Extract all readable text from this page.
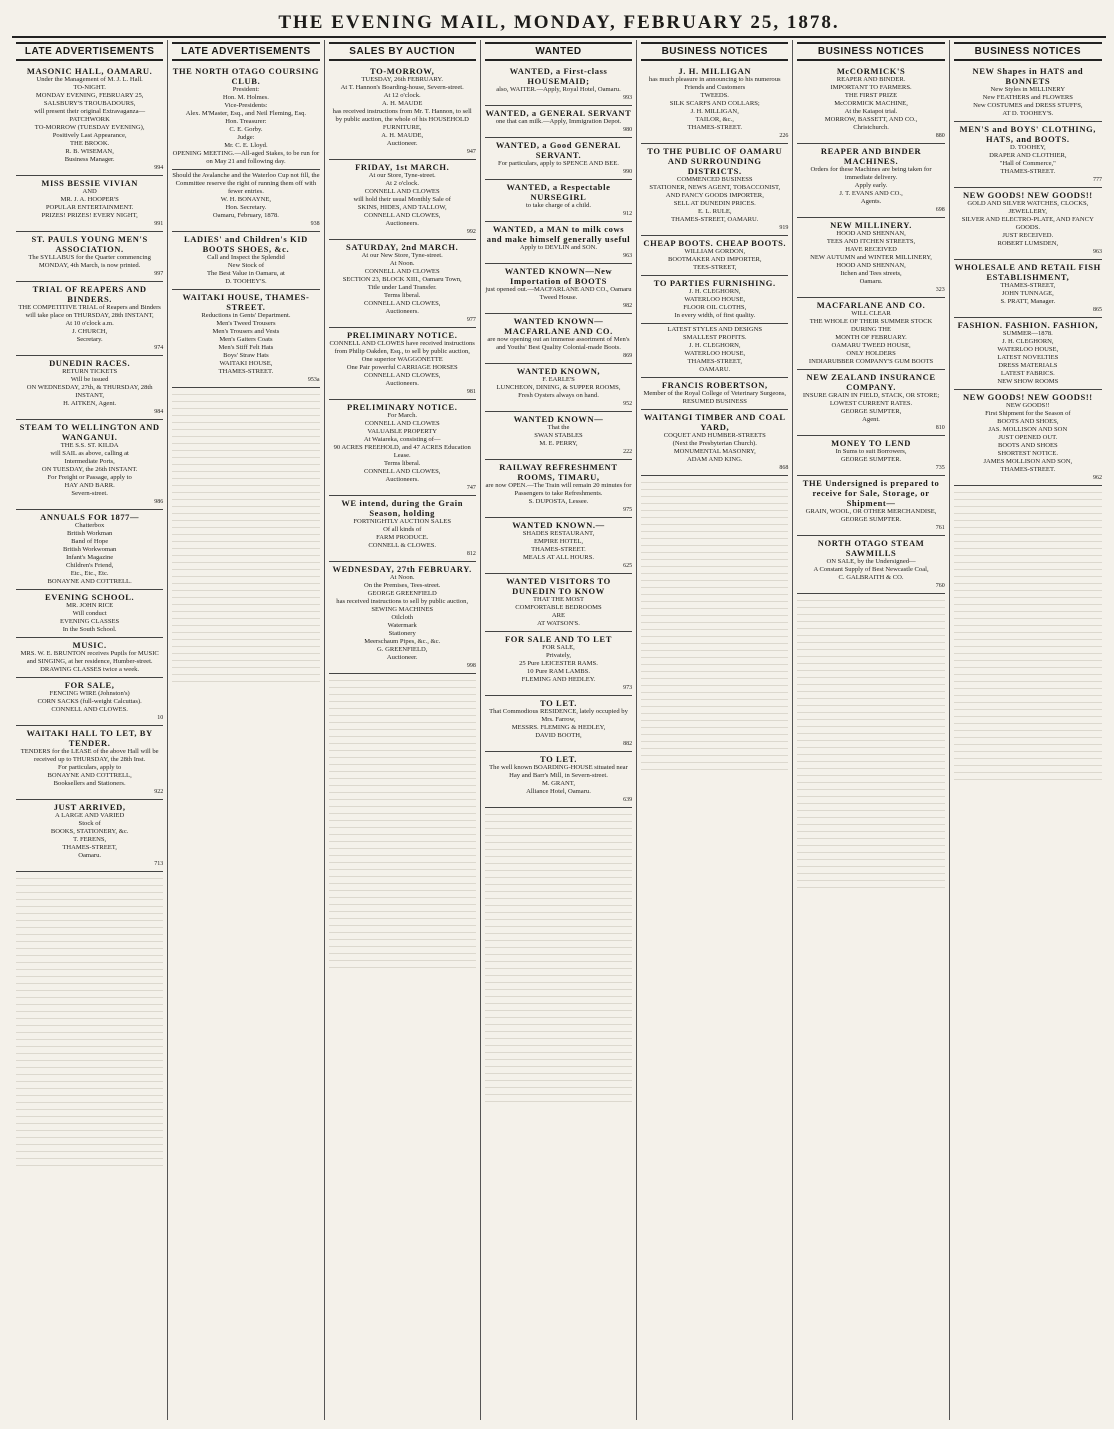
THE EVENING MAIL, MONDAY, FEBRUARY 25, 1878.
LATE ADVERTISEMENTS
MASONIC HALL, OAMARU.
Under the Management of M. J. L. Hall.
TO-NIGHT.
MONDAY EVENING, FEBRUARY 25,
SALSBURY'S TROUBADOURS,
will present their original Extravaganza—
PATCHWORK
TO-MORROW (TUESDAY EVENING),
Positively Last Appearance,
THE BROOK.
R. B. WISEMAN,
Business Manager.
994
MISS BESSIE VIVIAN
AND
MR. J. A. HOOPER'S
POPULAR ENTERTAINMENT.
PRIZES! PRIZES! EVERY NIGHT,
991
ST. PAULS YOUNG MEN'S ASSOCIATION.
The SYLLABUS for the Quarter commencing MONDAY, 4th March, is now printed.
997
TRIAL OF REAPERS AND BINDERS.
THE COMPETITIVE TRIAL of Reapers and Binders will take place on THURSDAY, 28th INSTANT,
At 10 o'clock a.m.
J. CHURCH,
Secretary.
974
DUNEDIN RACES.
RETURN TICKETS
Will be issued
ON WEDNESDAY, 27th, & THURSDAY, 28th INSTANT,
H. AITKEN, Agent.
984
STEAM TO WELLINGTON AND WANGANUI.
THE S.S. ST. KILDA
will SAIL as above, calling at
Intermediate Ports,
ON TUESDAY, the 26th INSTANT.
For Freight or Passage, apply to
HAY AND BARR.
Severn-street.
986
ANNUALS FOR 1877—
Chatterbox
British Workman
Band of Hope
British Workwoman
Infant's Magazine
Children's Friend,
Etc., Etc., Etc.
BONAYNE AND COTTRELL.
EVENING SCHOOL.
MR. JOHN RICE
Will conduct
EVENING CLASSES
In the South School.
MUSIC.
MRS. W. E. BRUNTON receives Pupils for MUSIC and SINGING, at her residence, Humber-street.
DRAWING CLASSES twice a week.
FOR SALE,
FENCING WIRE (Johnston's)
CORN SACKS (full-weight Calcuttas).
CONNELL AND CLOWES.
10
WAITAKI HALL TO LET, BY TENDER.
TENDERS for the LEASE of the above Hall will be received up to THURSDAY, the 28th Inst.
For particulars, apply to
BONAYNE AND COTTRELL,
Booksellers and Stationers.
922
JUST ARRIVED,
A LARGE AND VARIED
Stock of
BOOKS, STATIONERY, &c.
T. FERENS,
THAMES-STREET,
Oamaru.
713
LATE ADVERTISEMENTS
THE NORTH OTAGO COURSING CLUB.
President:
Hon. M. Holmes.
Vice-Presidents:
Alex. M'Master, Esq., and Neil Fleming, Esq.
Hon. Treasurer:
C. E. Gorby.
Judge:
Mr. C. E. Lloyd.
OPENING MEETING.—All-aged Stakes, to be run for on May 21 and following day.
Should the Avalanche and the Waterloo Cup not fill, the Committee reserve the right of running them off with fewer entries.
W. H. BONAYNE,
Hon. Secretary.
Oamaru, February, 1878.
938
LADIES' and Children's KID BOOTS SHOES, &c.
Call and Inspect the Splendid
New Stock of
The Best Value in Oamaru, at
D. TOOHEY'S.
WAITAKI HOUSE, THAMES-STREET.
Reductions in Gents' Department.
Men's Tweed Trousers
Men's Trousers and Vests
Men's Gaiters Coats
Men's Stiff Felt Hats
Boys' Straw Hats
WAITAKI HOUSE,
THAMES-STREET.
953a
SALES BY AUCTION
TO-MORROW,
TUESDAY, 26th FEBRUARY.
At T. Hannon's Boarding-house, Severn-street.
At 12 o'clock.
A. H. MAUDE
has received instructions from Mr. T. Hannon, to sell by public auction, the whole of his HOUSEHOLD FURNITURE,
A. H. MAUDE,
Auctioneer.
947
FRIDAY, 1st MARCH.
At our Store, Tyne-street.
At 2 o'clock.
CONNELL AND CLOWES
will hold their usual Monthly Sale of
SKINS, HIDES, AND TALLOW,
CONNELL AND CLOWES,
Auctioneers.
992
SATURDAY, 2nd MARCH.
At our New Store, Tyne-street.
At Noon.
CONNELL AND CLOWES
SECTION 23, BLOCK XIII., Oamaru Town,
Title under Land Transfer.
Terms liberal.
CONNELL AND CLOWES,
Auctioneers.
977
PRELIMINARY NOTICE.
CONNELL AND CLOWES have received instructions from Philip Oakden, Esq., to sell by public auction,
One superior WAGGONETTE
One Pair powerful CARRIAGE HORSES
CONNELL AND CLOWES,
Auctioneers.
981
PRELIMINARY NOTICE.
For March.
CONNELL AND CLOWES
VALUABLE PROPERTY
At Waiareka, consisting of—
90 ACRES FREEHOLD, and 47 ACRES Education Lease.
Terms liberal.
CONNELL AND CLOWES,
Auctioneers.
747
WE intend, during the Grain Season, holding
FORTNIGHTLY AUCTION SALES
Of all kinds of
FARM PRODUCE.
CONNELL & CLOWES.
812
WEDNESDAY, 27th FEBRUARY.
At Noon.
On the Premises, Tees-street.
GEORGE GREENFIELD
has received instructions to sell by public auction,
SEWING MACHINES
Oilcloth
Watermark
Stationery
Meerschaum Pipes, &c., &c.
G. GREENFIELD,
Auctioneer.
998
WANTED
WANTED, a First-class HOUSEMAID;
also, WAITER.—Apply, Royal Hotel, Oamaru.
993
WANTED, a GENERAL SERVANT
one that can milk.—Apply, Immigration Depot.
980
WANTED, a Good GENERAL SERVANT.
For particulars, apply to SPENCE AND BEE.
990
WANTED, a Respectable NURSEGIRL
to take charge of a child.
912
WANTED, a MAN to milk cows and make himself generally useful
Apply to DEVLIN and SON.
963
WANTED KNOWN—New Importation of BOOTS
just opened out.—MACFARLANE AND CO., Oamaru Tweed House.
982
WANTED KNOWN—MACFARLANE AND CO.
are now opening out an immense assortment of Men's and Youths' Best Quality Colonial-made Boots.
869
WANTED KNOWN,
F. EARLE'S
LUNCHEON, DINING, & SUPPER ROOMS,
Fresh Oysters always on hand.
952
WANTED KNOWN—
That the
SWAN STABLES
M. E. PERRY,
222
RAILWAY REFRESHMENT ROOMS, TIMARU,
are now OPEN.—The Train will remain 20 minutes for Passengers to take Refreshments.
S. DUPOSTA, Lessee.
975
WANTED KNOWN.—
SHADES RESTAURANT,
EMPIRE HOTEL,
THAMES-STREET.
MEALS AT ALL HOURS.
625
WANTED VISITORS TO DUNEDIN TO KNOW
THAT THE MOST
COMFORTABLE BEDROOMS
ARE
AT WATSON'S.
FOR SALE AND TO LET
FOR SALE,
Privately,
25 Pure LEICESTER RAMS.
10 Pure RAM LAMBS.
FLEMING AND HEDLEY.
973
TO LET.
That Commodious RESIDENCE, lately occupied by Mrs. Farrow,
MESSRS. FLEMING & HEDLEY,
DAVID BOOTH,
882
TO LET.
The well known BOARDING-HOUSE situated near Hay and Barr's Mill, in Severn-street.
M. GRANT,
Alliance Hotel, Oamaru.
639
BUSINESS NOTICES
J. H. MILLIGAN
has much pleasure in announcing to his numerous Friends and Customers
TWEEDS.
SILK SCARFS AND COLLARS;
J. H. MILLIGAN,
TAILOR, &c.,
THAMES-STREET.
226
TO THE PUBLIC OF OAMARU AND SURROUNDING DISTRICTS.
COMMENCED BUSINESS
STATIONER, NEWS AGENT, TOBACCONIST,
AND FANCY GOODS IMPORTER,
SELL AT DUNEDIN PRICES.
E. L. RULE,
THAMES-STREET, OAMARU.
919
CHEAP BOOTS. CHEAP BOOTS.
WILLIAM GORDON,
BOOTMAKER AND IMPORTER,
TEES-STREET,
TO PARTIES FURNISHING.
J. H. CLEGHORN,
WATERLOO HOUSE,
FLOOR OIL CLOTHS,
In every width, of first quality.
LATEST STYLES AND DESIGNS
SMALLEST PROFITS.
J. H. CLEGHORN,
WATERLOO HOUSE,
THAMES-STREET,
OAMARU.
FRANCIS ROBERTSON,
Member of the Royal College of Veterinary Surgeons,
RESUMED BUSINESS
WAITANGI TIMBER AND COAL YARD,
COQUET AND HUMBER-STREETS
(Next the Presbyterian Church).
MONUMENTAL MASONRY,
ADAM AND KING.
868
BUSINESS NOTICES
McCORMICK'S
REAPER AND BINDER.
IMPORTANT TO FARMERS.
THE FIRST PRIZE
McCORMICK MACHINE,
At the Kaiapoi trial.
MORROW, BASSETT, AND CO.,
Christchurch.
880
REAPER AND BINDER MACHINES.
Orders for these Machines are being taken for immediate delivery.
Apply early.
J. T. EVANS AND CO.,
Agents.
698
NEW MILLINERY.
HOOD AND SHENNAN,
TEES AND ITCHEN STREETS,
HAVE RECEIVED
NEW AUTUMN and WINTER MILLINERY,
HOOD AND SHENNAN,
Itchen and Tees streets,
Oamaru.
323
MACFARLANE AND CO.
WILL CLEAR
THE WHOLE OF THEIR SUMMER STOCK
DURING THE
MONTH OF FEBRUARY.
OAMARU TWEED HOUSE,
ONLY HOLDERS
INDIARUBBER COMPANY'S GUM BOOTS
NEW ZEALAND INSURANCE COMPANY.
INSURE GRAIN IN FIELD, STACK, OR STORE;
LOWEST CURRENT RATES.
GEORGE SUMPTER,
Agent.
810
MONEY TO LEND
In Sums to suit Borrowers,
GEORGE SUMPTER.
735
THE Undersigned is prepared to receive for Sale, Storage, or Shipment—
GRAIN, WOOL, OR OTHER MERCHANDISE,
GEORGE SUMPTER.
761
NORTH OTAGO STEAM SAWMILLS
ON SALE, by the Undersigned—
A Constant Supply of Best Newcastle Coal,
C. GALBRAITH & CO.
760
BUSINESS NOTICES
NEW Shapes in HATS and BONNETS
New Styles in MILLINERY
New FEATHERS and FLOWERS
New COSTUMES and DRESS STUFFS,
AT D. TOOHEY'S.
MEN'S and BOYS' CLOTHING, HATS, and BOOTS.
D. TOOHEY,
DRAPER AND CLOTHIER,
"Hall of Commerce,"
THAMES-STREET.
777
NEW GOODS! NEW GOODS!!
GOLD AND SILVER WATCHES, CLOCKS, JEWELLERY,
SILVER AND ELECTRO-PLATE, AND FANCY GOODS.
JUST RECEIVED.
ROBERT LUMSDEN,
963
WHOLESALE AND RETAIL FISH ESTABLISHMENT,
THAMES-STREET,
JOHN TUNNAGE,
S. PRATT, Manager.
865
FASHION. FASHION. FASHION,
SUMMER—1878.
J. H. CLEGHORN,
WATERLOO HOUSE,
LATEST NOVELTIES
DRESS MATERIALS
LATEST FABRICS.
NEW SHOW ROOMS
NEW GOODS! NEW GOODS!!
NEW GOODS!!
First Shipment for the Season of
BOOTS AND SHOES,
JAS. MOLLISON AND SON
JUST OPENED OUT.
BOOTS AND SHOES
SHORTEST NOTICE.
JAMES MOLLISON AND SON,
THAMES-STREET.
962
